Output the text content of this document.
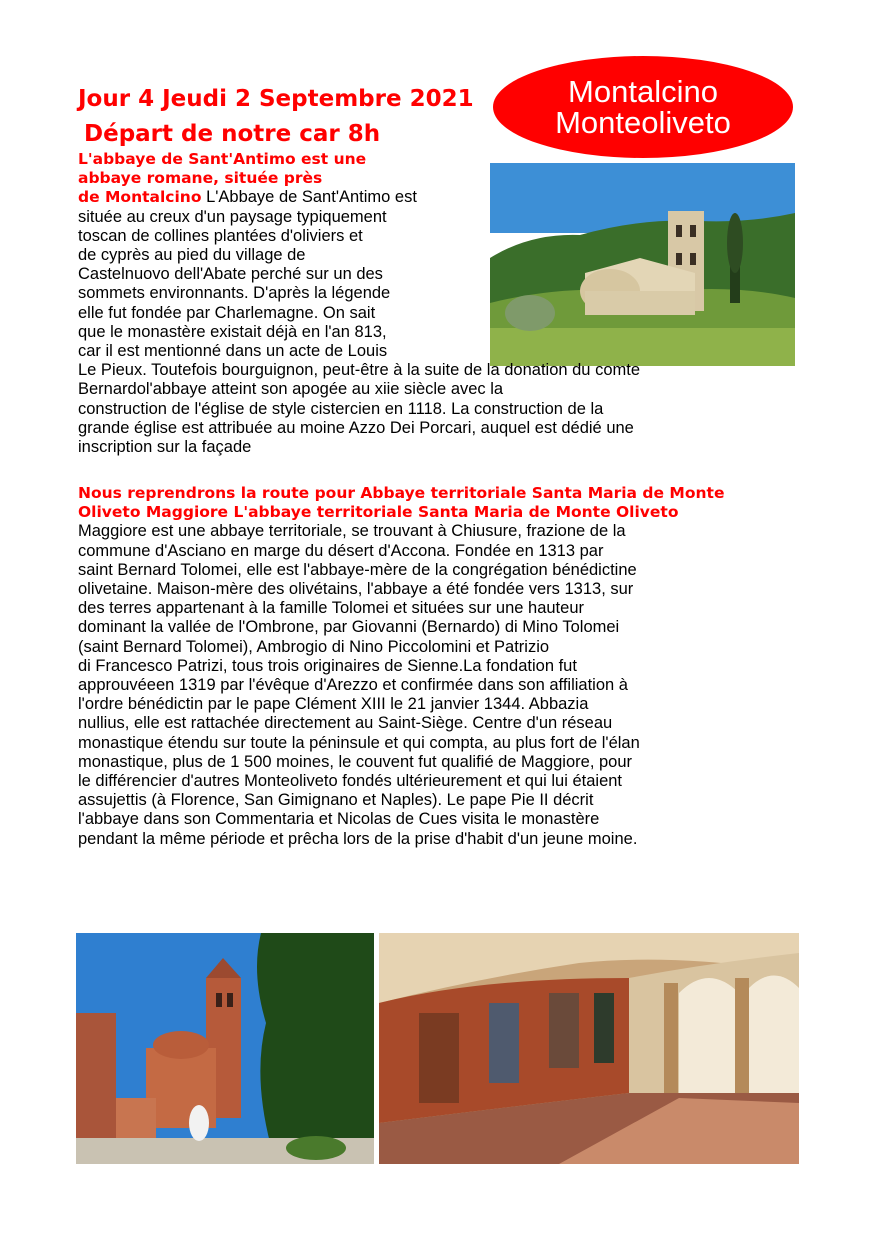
Jour 4 Jeudi 2 Septembre 2021
Départ de notre car 8h
Montalcino
Monteoliveto
L'abbaye de Sant'Antimo est une
abbaye romane, située près
de Montalcino L'Abbaye de Sant'Antimo est
située au creux d'un paysage typiquement
toscan de collines plantées d'oliviers et
de cyprès au pied du village de
Castelnuovo dell'Abate perché sur un des
sommets environnants. D'après la légende
elle fut fondée par Charlemagne. On sait
que le monastère existait déjà en l'an 813,
car il est mentionné dans un acte de Louis
Le Pieux. Toutefois bourguignon, peut-être à la suite de la donation du comte
Bernardol'abbaye atteint son apogée au xiie siècle avec la
construction de l'église de style cistercien en 1118. La construction de la
grande église est attribuée au moine Azzo Dei Porcari, auquel est dédié une
inscription sur la façade
Nous reprendrons la route pour Abbaye territoriale Santa Maria de Monte
Oliveto Maggiore L'abbaye territoriale Santa Maria de Monte Oliveto
Maggiore est une abbaye territoriale, se trouvant à Chiusure, frazione de la
commune d'Asciano en marge du désert d'Accona. Fondée en 1313 par
saint Bernard Tolomei, elle est l'abbaye-mère de la congrégation bénédictine
olivetaine. Maison-mère des olivétains, l'abbaye a été fondée vers 1313, sur
des terres appartenant à la famille Tolomei et situées sur une hauteur
dominant la vallée de l'Ombrone, par Giovanni (Bernardo) di Mino Tolomei
(saint Bernard Tolomei), Ambrogio di Nino Piccolomini et Patrizio
di Francesco Patrizi, tous trois originaires de Sienne.La fondation fut
approuvéeen 1319 par l'évêque d'Arezzo et confirmée dans son affiliation à
l'ordre bénédictin par le pape Clément XIII le 21 janvier 1344. Abbazia
nullius, elle est rattachée directement au Saint-Siège. Centre d'un réseau
monastique étendu sur toute la péninsule et qui compta, au plus fort de l'élan
monastique, plus de 1 500 moines, le couvent fut qualifié de Maggiore, pour
le différencier d'autres Monteoliveto fondés ultérieurement et qui lui étaient
assujettis (à Florence, San Gimignano et Naples). Le pape Pie II décrit
l'abbaye dans son Commentaria et Nicolas de Cues visita le monastère
pendant la même période et prêcha lors de la prise d'habit d'un jeune moine.
